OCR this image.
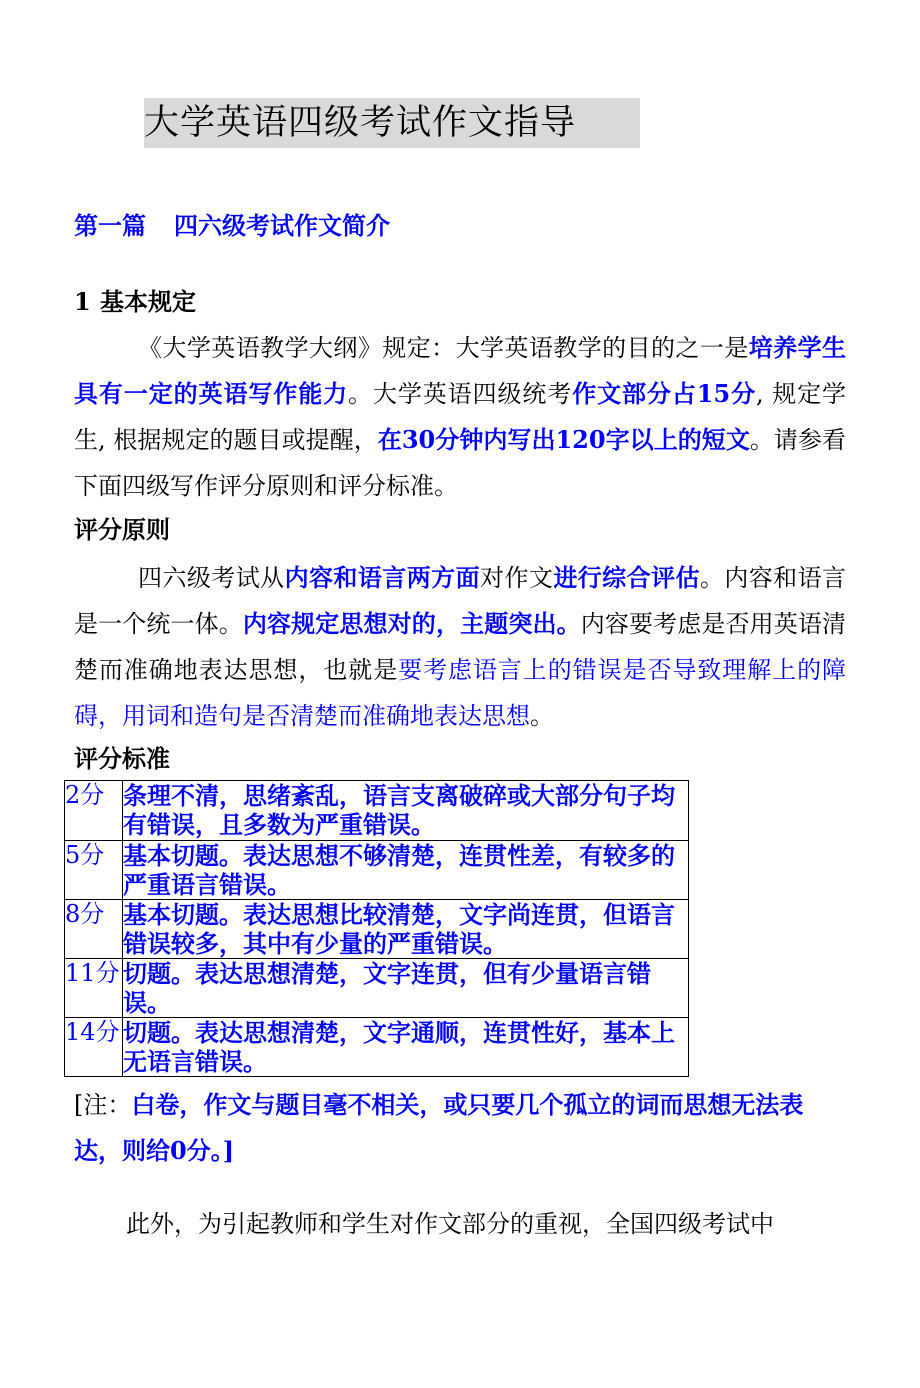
大学英语四级考试作文指导
第一篇 四六级考试作文简介
1 基本规定
《大学英语教学大纲》规定：大学英语教学的目的之一是培养学生具有一定的英语写作能力。大学英语四级统考作文部分占15分, 规定学生, 根据规定的题目或提醒，在30分钟内写出120字以上的短文。请参看下面四级写作评分原则和评分标准。
评分原则
四六级考试从内容和语言两方面对作文进行综合评估。内容和语言是一个统一体。内容规定思想对的，主题突出。内容要考虑是否用英语清楚而准确地表达思想，也就是要考虑语言上的错误是否导致理解上的障碍，用词和造句是否清楚而准确地表达思想。
评分标准
2分	条理不清，思绪紊乱，语言支离破碎或大部分句子均有错误，且多数为严重错误。
5分	基本切题。表达思想不够清楚，连贯性差，有较多的严重语言错误。
8分	基本切题。表达思想比较清楚，文字尚连贯，但语言错误较多，其中有少量的严重错误。
11分	切题。表达思想清楚，文字连贯，但有少量语言错误。
14分	切题。表达思想清楚，文字通顺，连贯性好，基本上无语言错误。
[注：白卷，作文与题目毫不相关，或只要几个孤立的词而思想无法表达，则给0分。]
此外，为引起教师和学生对作文部分的重视，全国四级考试中
